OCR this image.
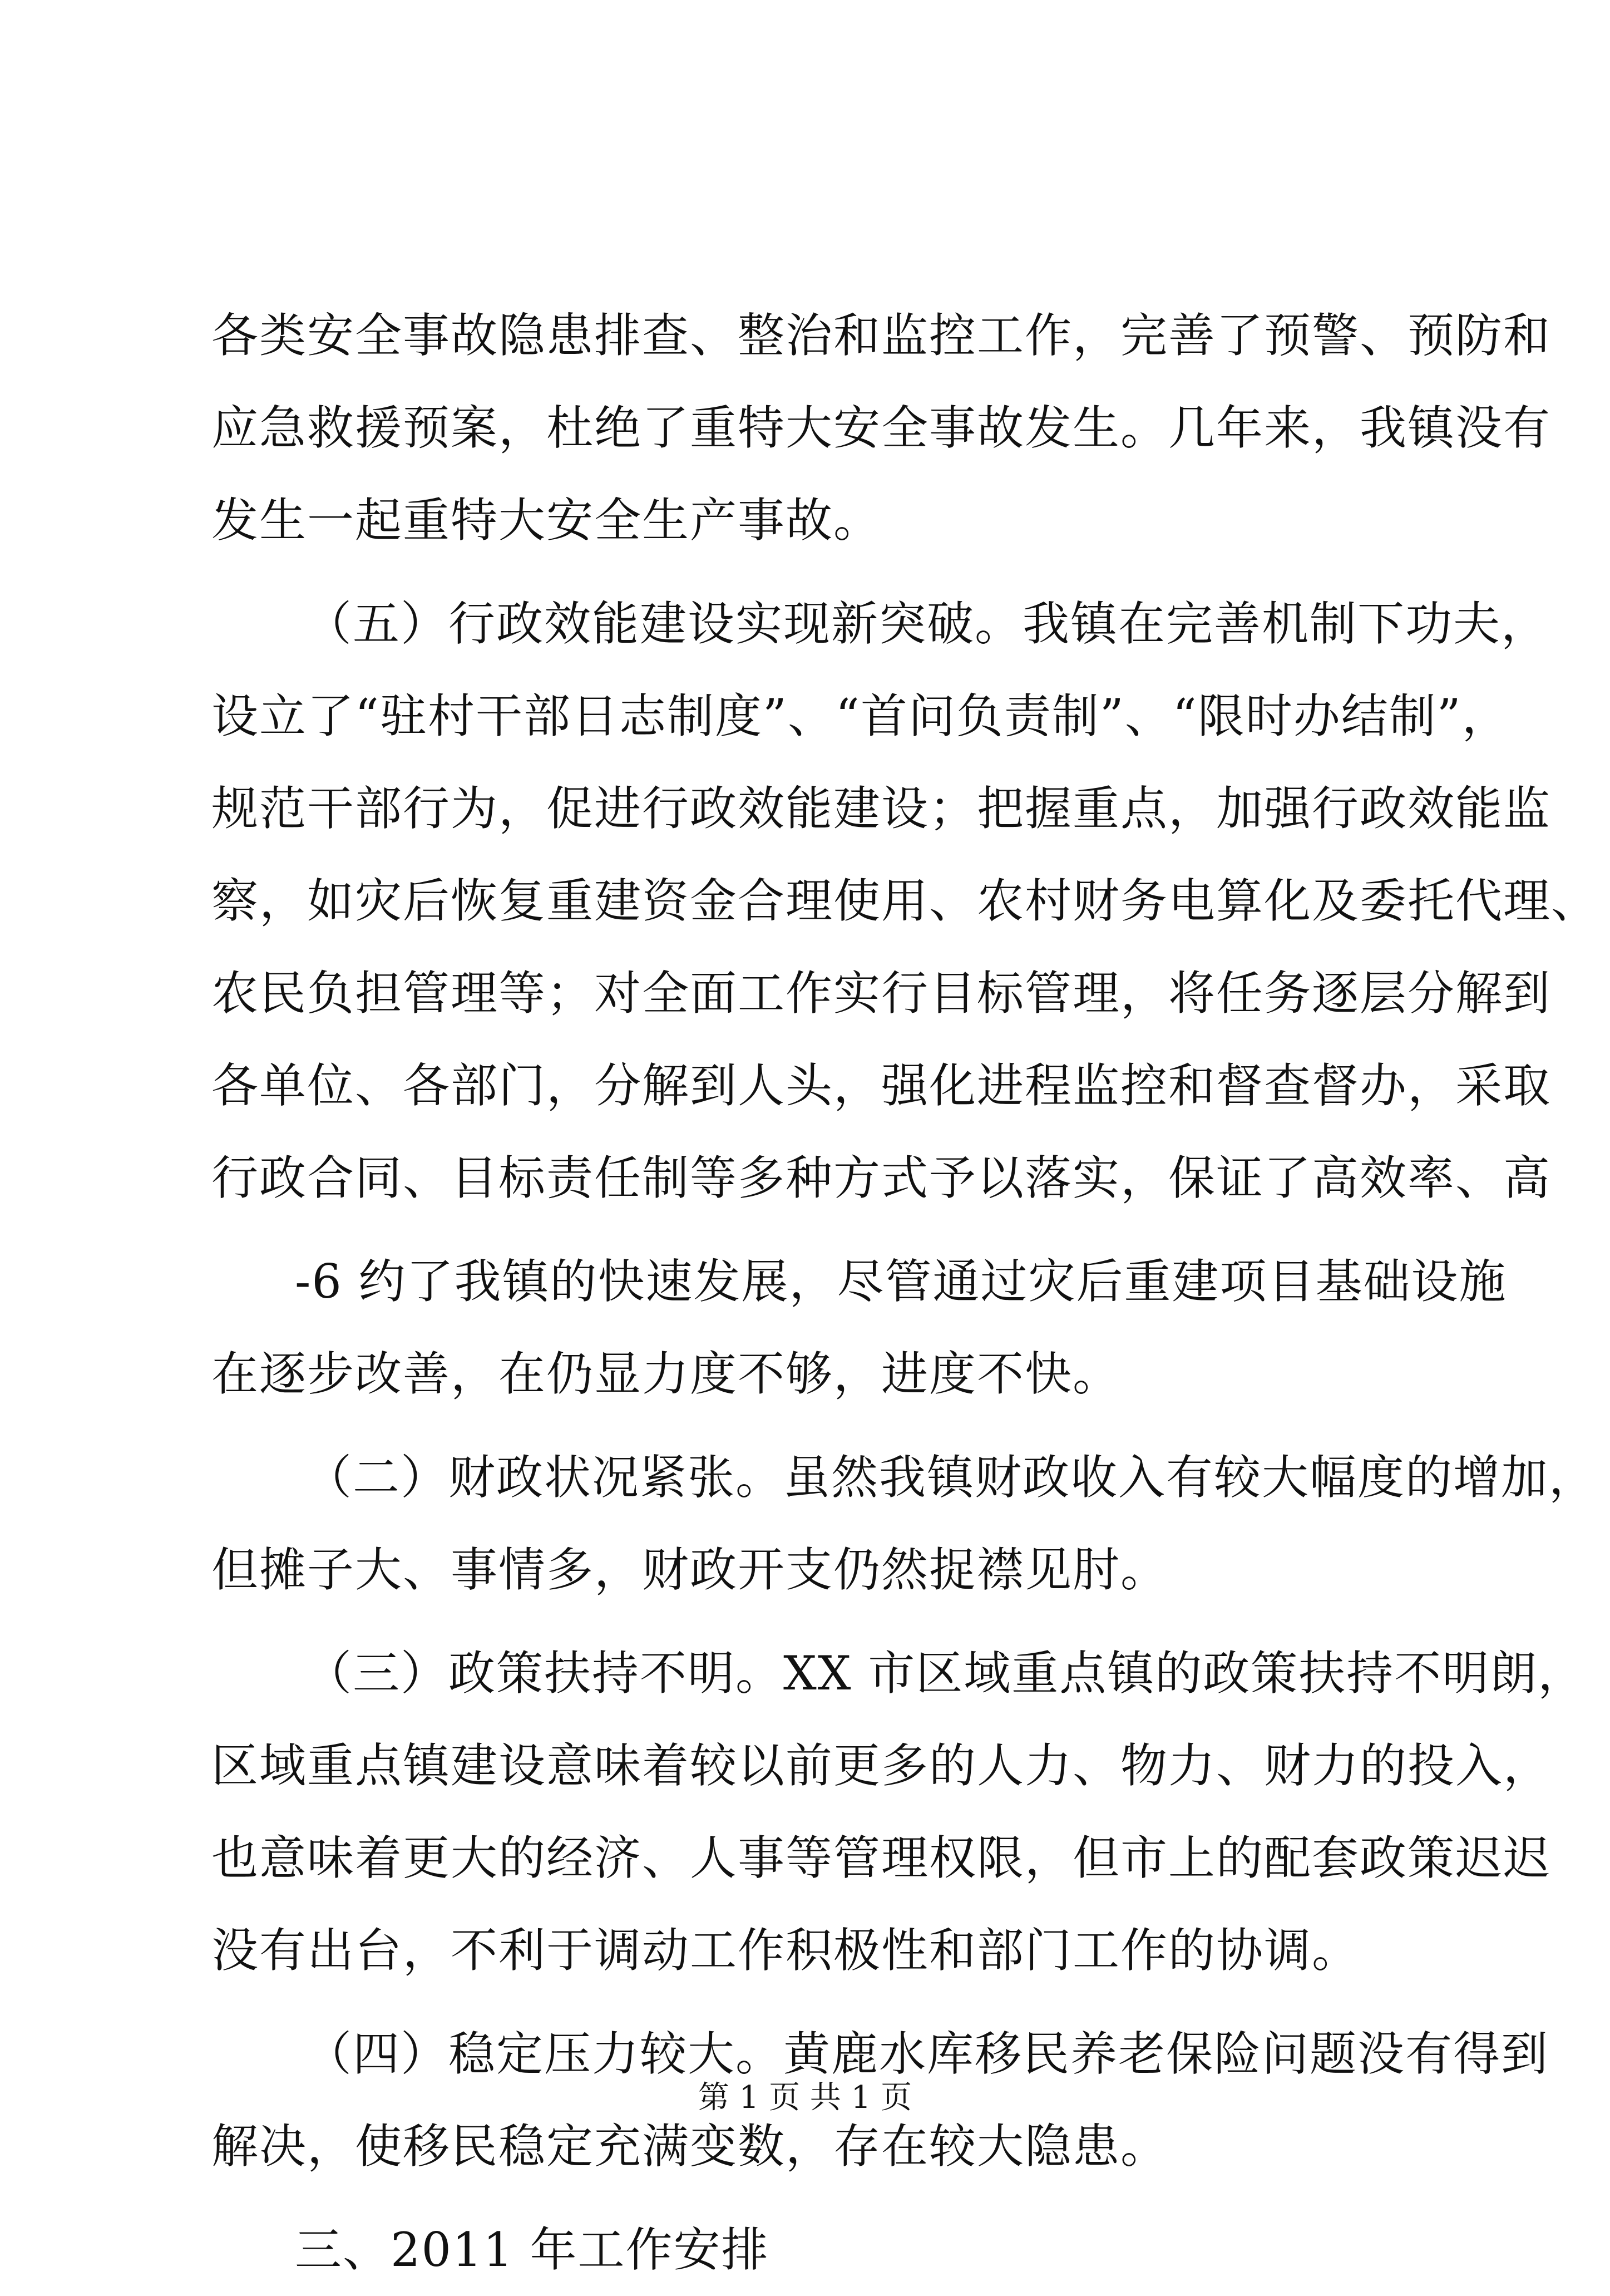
各类安全事故隐患排查、整治和监控工作，完善了预警、预防和
应急救援预案，杜绝了重特大安全事故发生。几年来，我镇没有
发生一起重特大安全生产事故。
（五）行政效能建设实现新突破。我镇在完善机制下功夫，
设立了“驻村干部日志制度”、“首问负责制”、“限时办结制”，
规范干部行为，促进行政效能建设；把握重点，加强行政效能监
察，如灾后恢复重建资金合理使用、农村财务电算化及委托代理、
农民负担管理等；对全面工作实行目标管理，将任务逐层分解到
各单位、各部门，分解到人头，强化进程监控和督查督办，采取
行政合同、目标责任制等多种方式予以落实，保证了高效率、高
-6 约了我镇的快速发展，尽管通过灾后重建项目基础设施
在逐步改善，在仍显力度不够，进度不快。
（二）财政状况紧张。虽然我镇财政收入有较大幅度的增加，
但摊子大、事情多，财政开支仍然捉襟见肘。
（三）政策扶持不明。XX 市区域重点镇的政策扶持不明朗，
区域重点镇建设意味着较以前更多的人力、物力、财力的投入，
也意味着更大的经济、人事等管理权限，但市上的配套政策迟迟
没有出台，不利于调动工作积极性和部门工作的协调。
（四）稳定压力较大。黄鹿水库移民养老保险问题没有得到
解决，使移民稳定充满变数，存在较大隐患。
三、2011 年工作安排
第 1 页 共 1 页
